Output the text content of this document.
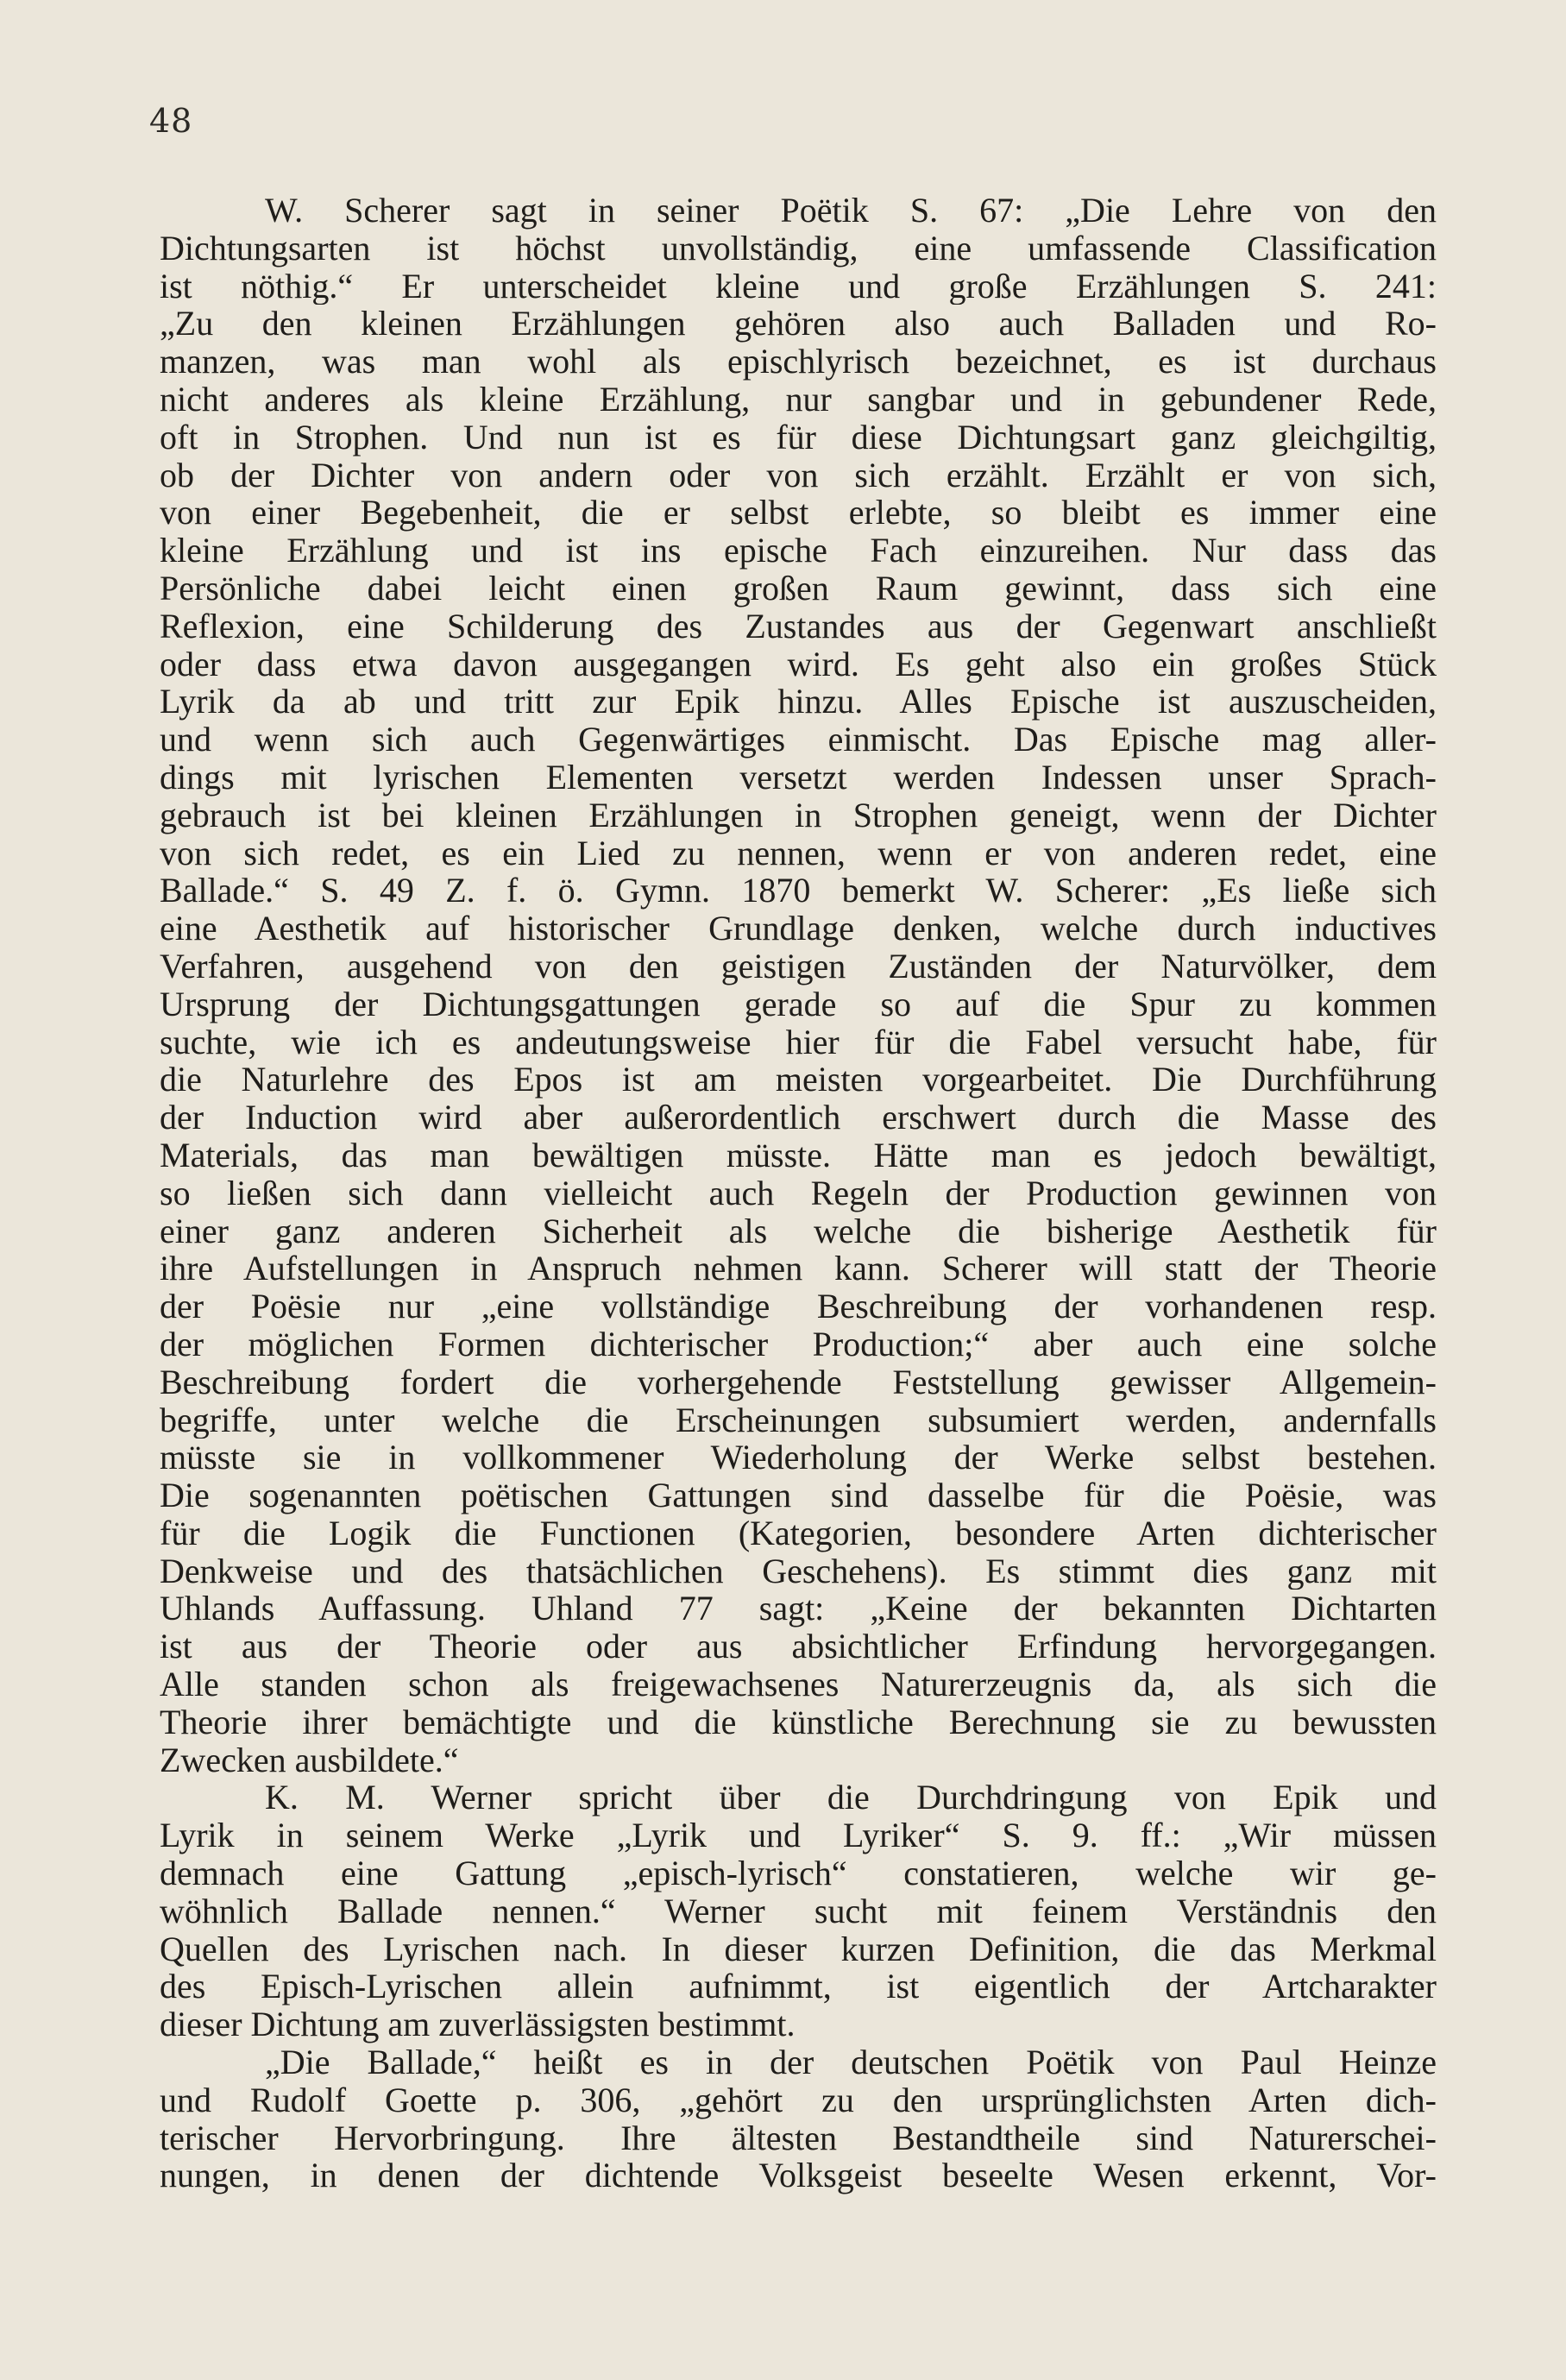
48
W. Scherer sagt in seiner Poëtik S. 67: „Die Lehre von den
Dichtungsarten ist höchst unvollständig, eine umfassende Classification
ist nöthig.“ Er unterscheidet kleine und große Erzählungen S. 241:
„Zu den kleinen Erzählungen gehören also auch Balladen und Ro-
manzen, was man wohl als epischlyrisch bezeichnet, es ist durchaus
nicht anderes als kleine Erzählung, nur sangbar und in gebundener Rede,
oft in Strophen. Und nun ist es für diese Dichtungsart ganz gleichgiltig,
ob der Dichter von andern oder von sich erzählt. Erzählt er von sich,
von einer Begebenheit, die er selbst erlebte, so bleibt es immer eine
kleine Erzählung und ist ins epische Fach einzureihen. Nur dass das
Persönliche dabei leicht einen großen Raum gewinnt, dass sich eine
Reflexion, eine Schilderung des Zustandes aus der Gegenwart anschließt
oder dass etwa davon ausgegangen wird. Es geht also ein großes Stück
Lyrik da ab und tritt zur Epik hinzu. Alles Epische ist auszuscheiden,
und wenn sich auch Gegenwärtiges einmischt. Das Epische mag aller-
dings mit lyrischen Elementen versetzt werden Indessen unser Sprach-
gebrauch ist bei kleinen Erzählungen in Strophen geneigt, wenn der Dichter
von sich redet, es ein Lied zu nennen, wenn er von anderen redet, eine
Ballade.“ S. 49 Z. f. ö. Gymn. 1870 bemerkt W. Scherer: „Es ließe sich
eine Aesthetik auf historischer Grundlage denken, welche durch inductives
Verfahren, ausgehend von den geistigen Zuständen der Naturvölker, dem
Ursprung der Dichtungsgattungen gerade so auf die Spur zu kommen
suchte, wie ich es andeutungsweise hier für die Fabel versucht habe, für
die Naturlehre des Epos ist am meisten vorgearbeitet. Die Durchführung
der Induction wird aber außerordentlich erschwert durch die Masse des
Materials, das man bewältigen müsste. Hätte man es jedoch bewältigt,
so ließen sich dann vielleicht auch Regeln der Production gewinnen von
einer ganz anderen Sicherheit als welche die bisherige Aesthetik für
ihre Aufstellungen in Anspruch nehmen kann. Scherer will statt der Theorie
der Poësie nur „eine vollständige Beschreibung der vorhandenen resp.
der möglichen Formen dichterischer Production;“ aber auch eine solche
Beschreibung fordert die vorhergehende Feststellung gewisser Allgemein-
begriffe, unter welche die Erscheinungen subsumiert werden, andernfalls
müsste sie in vollkommener Wiederholung der Werke selbst bestehen.
Die sogenannten poëtischen Gattungen sind dasselbe für die Poësie, was
für die Logik die Functionen (Kategorien, besondere Arten dichterischer
Denkweise und des thatsächlichen Geschehens). Es stimmt dies ganz mit
Uhlands Auffassung. Uhland 77 sagt: „Keine der bekannten Dichtarten
ist aus der Theorie oder aus absichtlicher Erfindung hervorgegangen.
Alle standen schon als freigewachsenes Naturerzeugnis da, als sich die
Theorie ihrer bemächtigte und die künstliche Berechnung sie zu bewussten
Zwecken ausbildete.“
K. M. Werner spricht über die Durchdringung von Epik und
Lyrik in seinem Werke „Lyrik und Lyriker“ S. 9. ff.: „Wir müssen
demnach eine Gattung „episch-lyrisch“ constatieren, welche wir ge-
wöhnlich Ballade nennen.“ Werner sucht mit feinem Verständnis den
Quellen des Lyrischen nach. In dieser kurzen Definition, die das Merkmal
des Episch-Lyrischen allein aufnimmt, ist eigentlich der Artcharakter
dieser Dichtung am zuverlässigsten bestimmt.
„Die Ballade,“ heißt es in der deutschen Poëtik von Paul Heinze
und Rudolf Goette p. 306, „gehört zu den ursprünglichsten Arten dich-
terischer Hervorbringung. Ihre ältesten Bestandtheile sind Naturerschei-
nungen, in denen der dichtende Volksgeist beseelte Wesen erkennt, Vor-
